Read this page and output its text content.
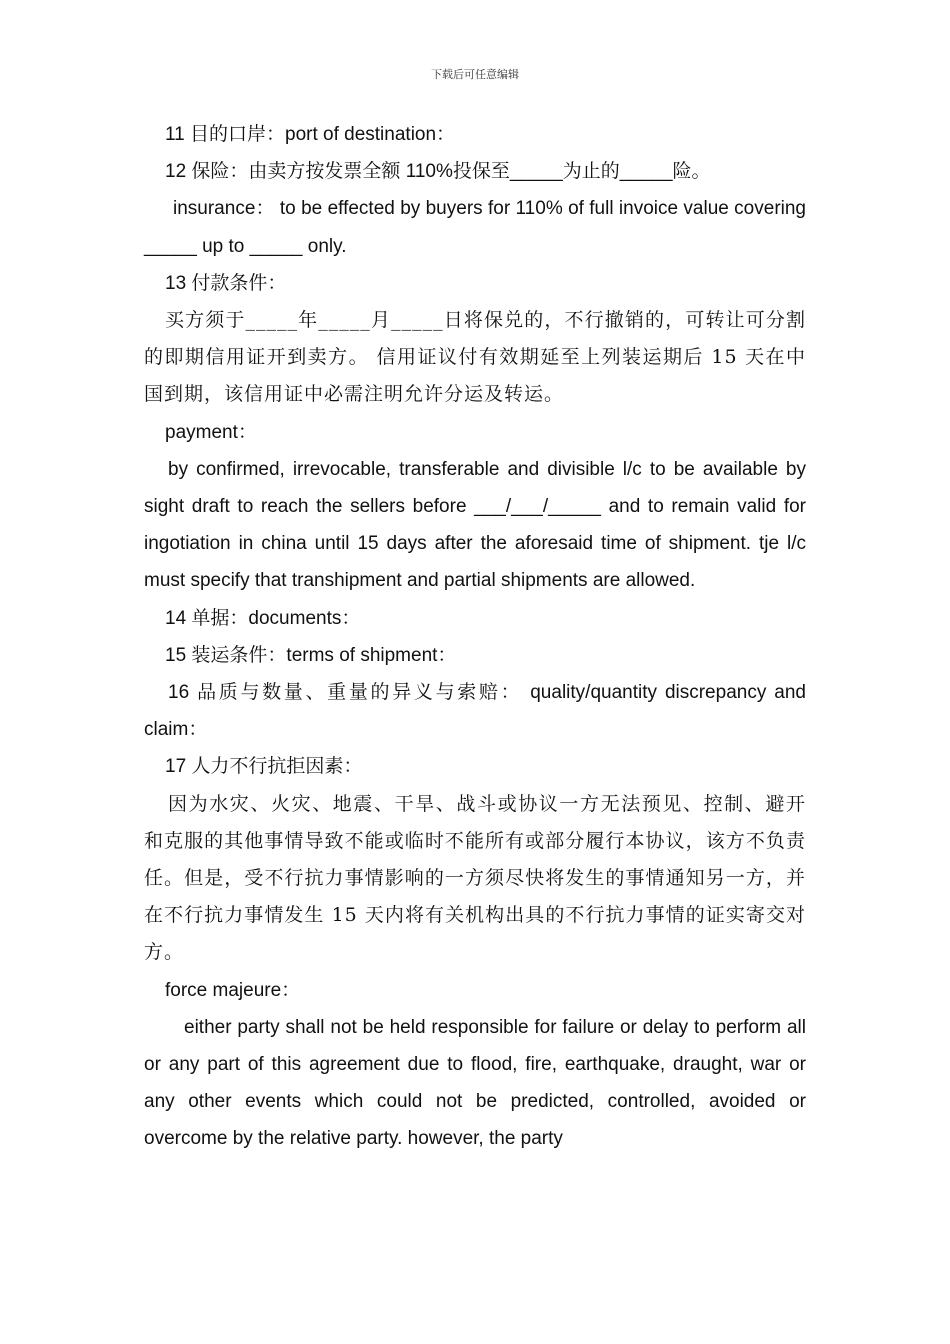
下载后可任意编辑

11 目的口岸：port of destination：

12 保险：由卖方按发票全额 110%投保至_____为止的_____险。

insurance： to be effected by buyers for 110% of full invoice value covering _____ up to _____ only.

13 付款条件：

买方须于_____年_____月_____日将保兑的，不行撤销的，可转让可分割的即期信用证开到卖方。 信用证议付有效期延至上列装运期后 15 天在中国到期，该信用证中必需注明允许分运及转运。

payment：

by confirmed, irrevocable, transferable and divisible l/c to be available by sight draft to reach the sellers before ___/___/_____ and to remain valid for ingotiation in china until 15 days after the aforesaid time of shipment. tje l/c must specify that transhipment and partial shipments are allowed.

14 单据：documents：

15 装运条件：terms of shipment：

16 品质与数量、重量的异义与索赔： quality/quantity discrepancy and claim：

17 人力不行抗拒因素：

因为水灾、火灾、地震、干旱、战斗或协议一方无法预见、控制、避开和克服的其他事情导致不能或临时不能所有或部分履行本协议，该方不负责任。但是，受不行抗力事情影响的一方须尽快将发生的事情通知另一方，并在不行抗力事情发生 15 天内将有关机构出具的不行抗力事情的证实寄交对方。

force majeure：

either party shall not be held responsible for failure or delay to perform all or any part of this agreement due to flood, fire, earthquake, draught, war or any other events which could not be predicted, controlled, avoided or overcome by the relative party. however, the party
